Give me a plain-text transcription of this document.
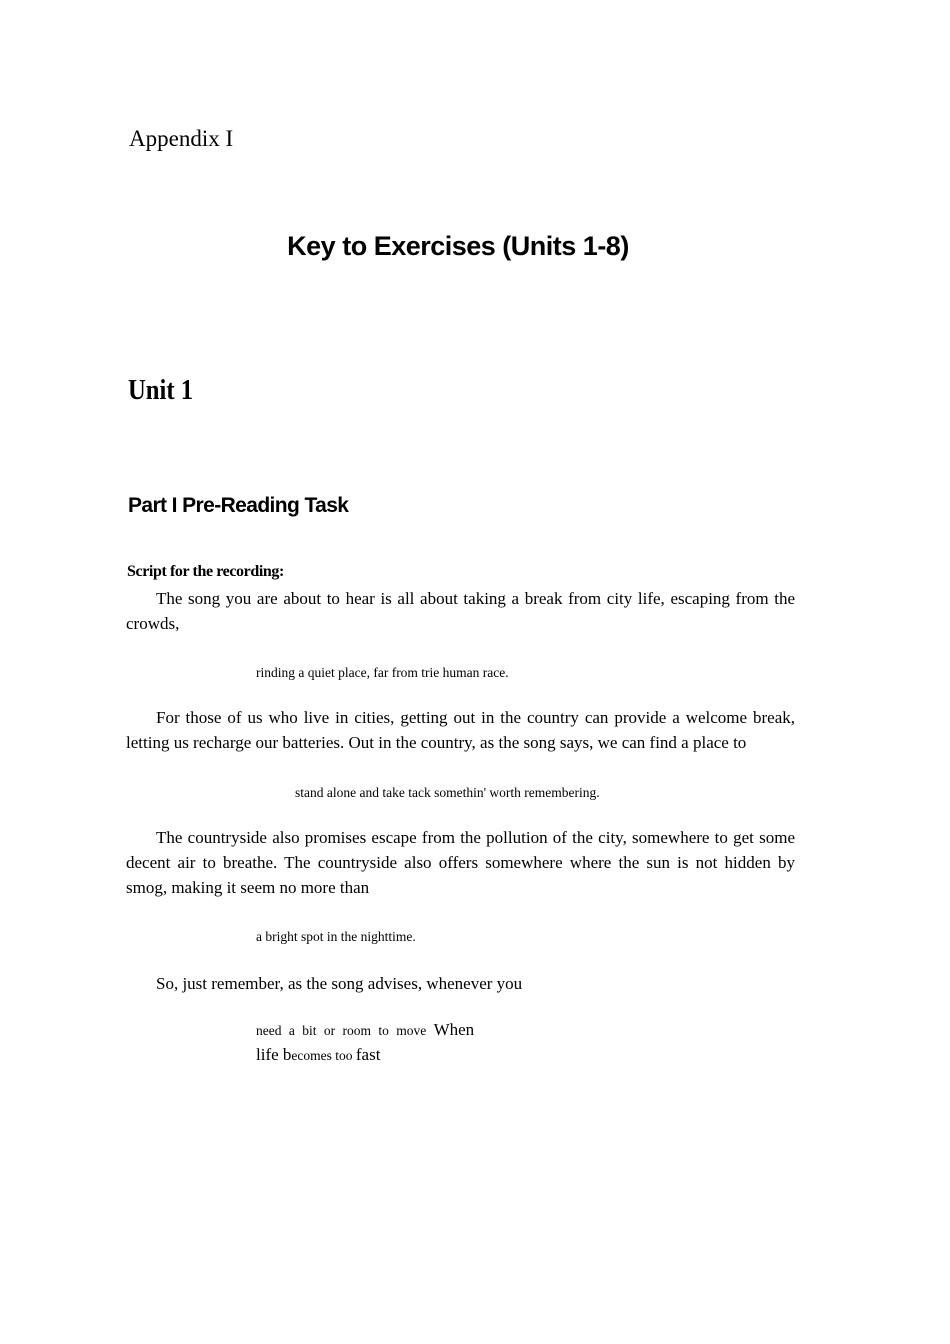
Appendix I

Key to Exercises (Units 1-8)
Unit 1
Part I Pre-Reading Task
Script for the recording:

The song you are about to hear is all about taking a break from city life, escaping from the crowds,

rinding a quiet place, far from trie human race.

For those of us who live in cities, getting out in the country can provide a welcome break, letting us recharge our batteries. Out in the country, as the song says, we can find a place to

stand alone and take tack somethin' worth remembering.

The countryside also promises escape from the pollution of the city, somewhere to get some decent air to breathe. The countryside also offers somewhere where the sun is not hidden by smog, making it seem no more than

a bright spot in the nighttime.

So, just remember, as the song advises, whenever you

need a bit or room to move When
life becomes too fast
